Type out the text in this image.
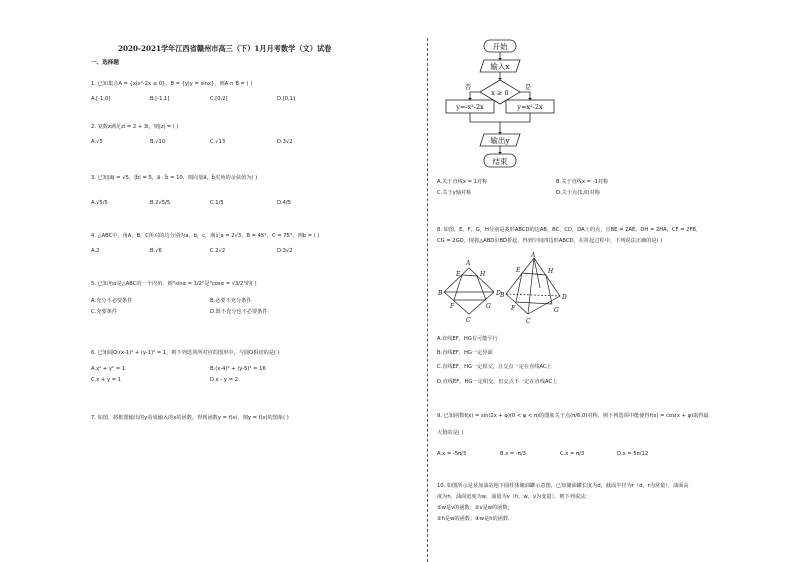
2020-2021学年江西省赣州市高三（下）1月月考数学（文）试卷
一、选择题
1. 已知集合A = {x|x²-2x ≤ 0}，B = {y|y = sinx}，则A ∩ B = ( )
A.[-1,0]	B.[-1,1]	C.[0,2]	D.[0,1]
2. 复数z满足zi = 2 + 3i，则|z| = ( )
A.√5	B.√10	C.√13	D.3√2
3. 已知|a⃗| = √5，|b⃗| = 5，a⃗ · b⃗ = 10，则向量a⃗，b⃗夹角的余弦值为( )
A.√5/5	B.2√5/5	C.1/5	D.4/5
4. △ABC中，角A，B，C所对的边分别为a，b，c，满足a = 2√3，B = 45°，C = 75°，则b = ( )
A.2	B.√6	C.2√2	D.3√2
5. 已知角α是△ABC的一个内角，则"sinα = 1/2"是"cosα = √3/2"的( )
A.充分不必要条件	B.必要不充分条件
C.充要条件	D.既不充分也不必要条件
6. 已知圆O:(x-1)² + (y-1)² = 1，则下列选项所对应的图形中，与圆O相切的是( )
A.x² + y² = 1	B.(x-4)² + (y-5)² = 16
C.x + y = 1	D.x - y = 2
7. 如图，将框图输出的y看成输入的x的函数，得到函数y = f(x)，则y = f(x)的图象( )
开始
输入x
x ≥ 0
否	是
y=-x²-2x	y=x²-2x
输出y
结束
A.关于直线x = 1对称	B.关于直线x = -1对称
C.关于y轴对称	D.关于点(1,0)对称
8. 如图，E，F，G，H分别是菱形ABCD的边AB，BC，CD，DA上的点，且BE = 2AE，DH = 2HA，CF = 2FB，
CG = 2GD，现将△ABD沿BD折起，得到空间四边形ABCD，在折起过程中，下列说法正确的是( )
A
B
C
D
E
F	G
H
A
B
C
D
E
F	G
H
A.直线EF，HG有可能平行
B.直线EF，HG一定异面
C.直线EF，HG一定相交，且交点一定在直线AC上
D.直线EF，HG一定相交，但交点不一定在直线AC上
9. 已知函数f(x) = sin(2x + φ)(0 < φ < π)的图象关于点(π/6,0)对称，则下列选项中能使得f(x) = cos(x + φ)取得最
大值的是( )
A.x = -5π/3	B.x = -π/3	C.x = π/3	D.x = 5π/12
10. 如图所示是某加油站地下圆柱体储油罐示意图，已知储油罐长度为d，截面半径为r（d，r为常量），油面高
度为h，油面宽度为w，油量为v（h，w，v为变量），则下列说法：
①w是v的函数；②v是w的函数；
③h是w的函数；④w是h的函数.
